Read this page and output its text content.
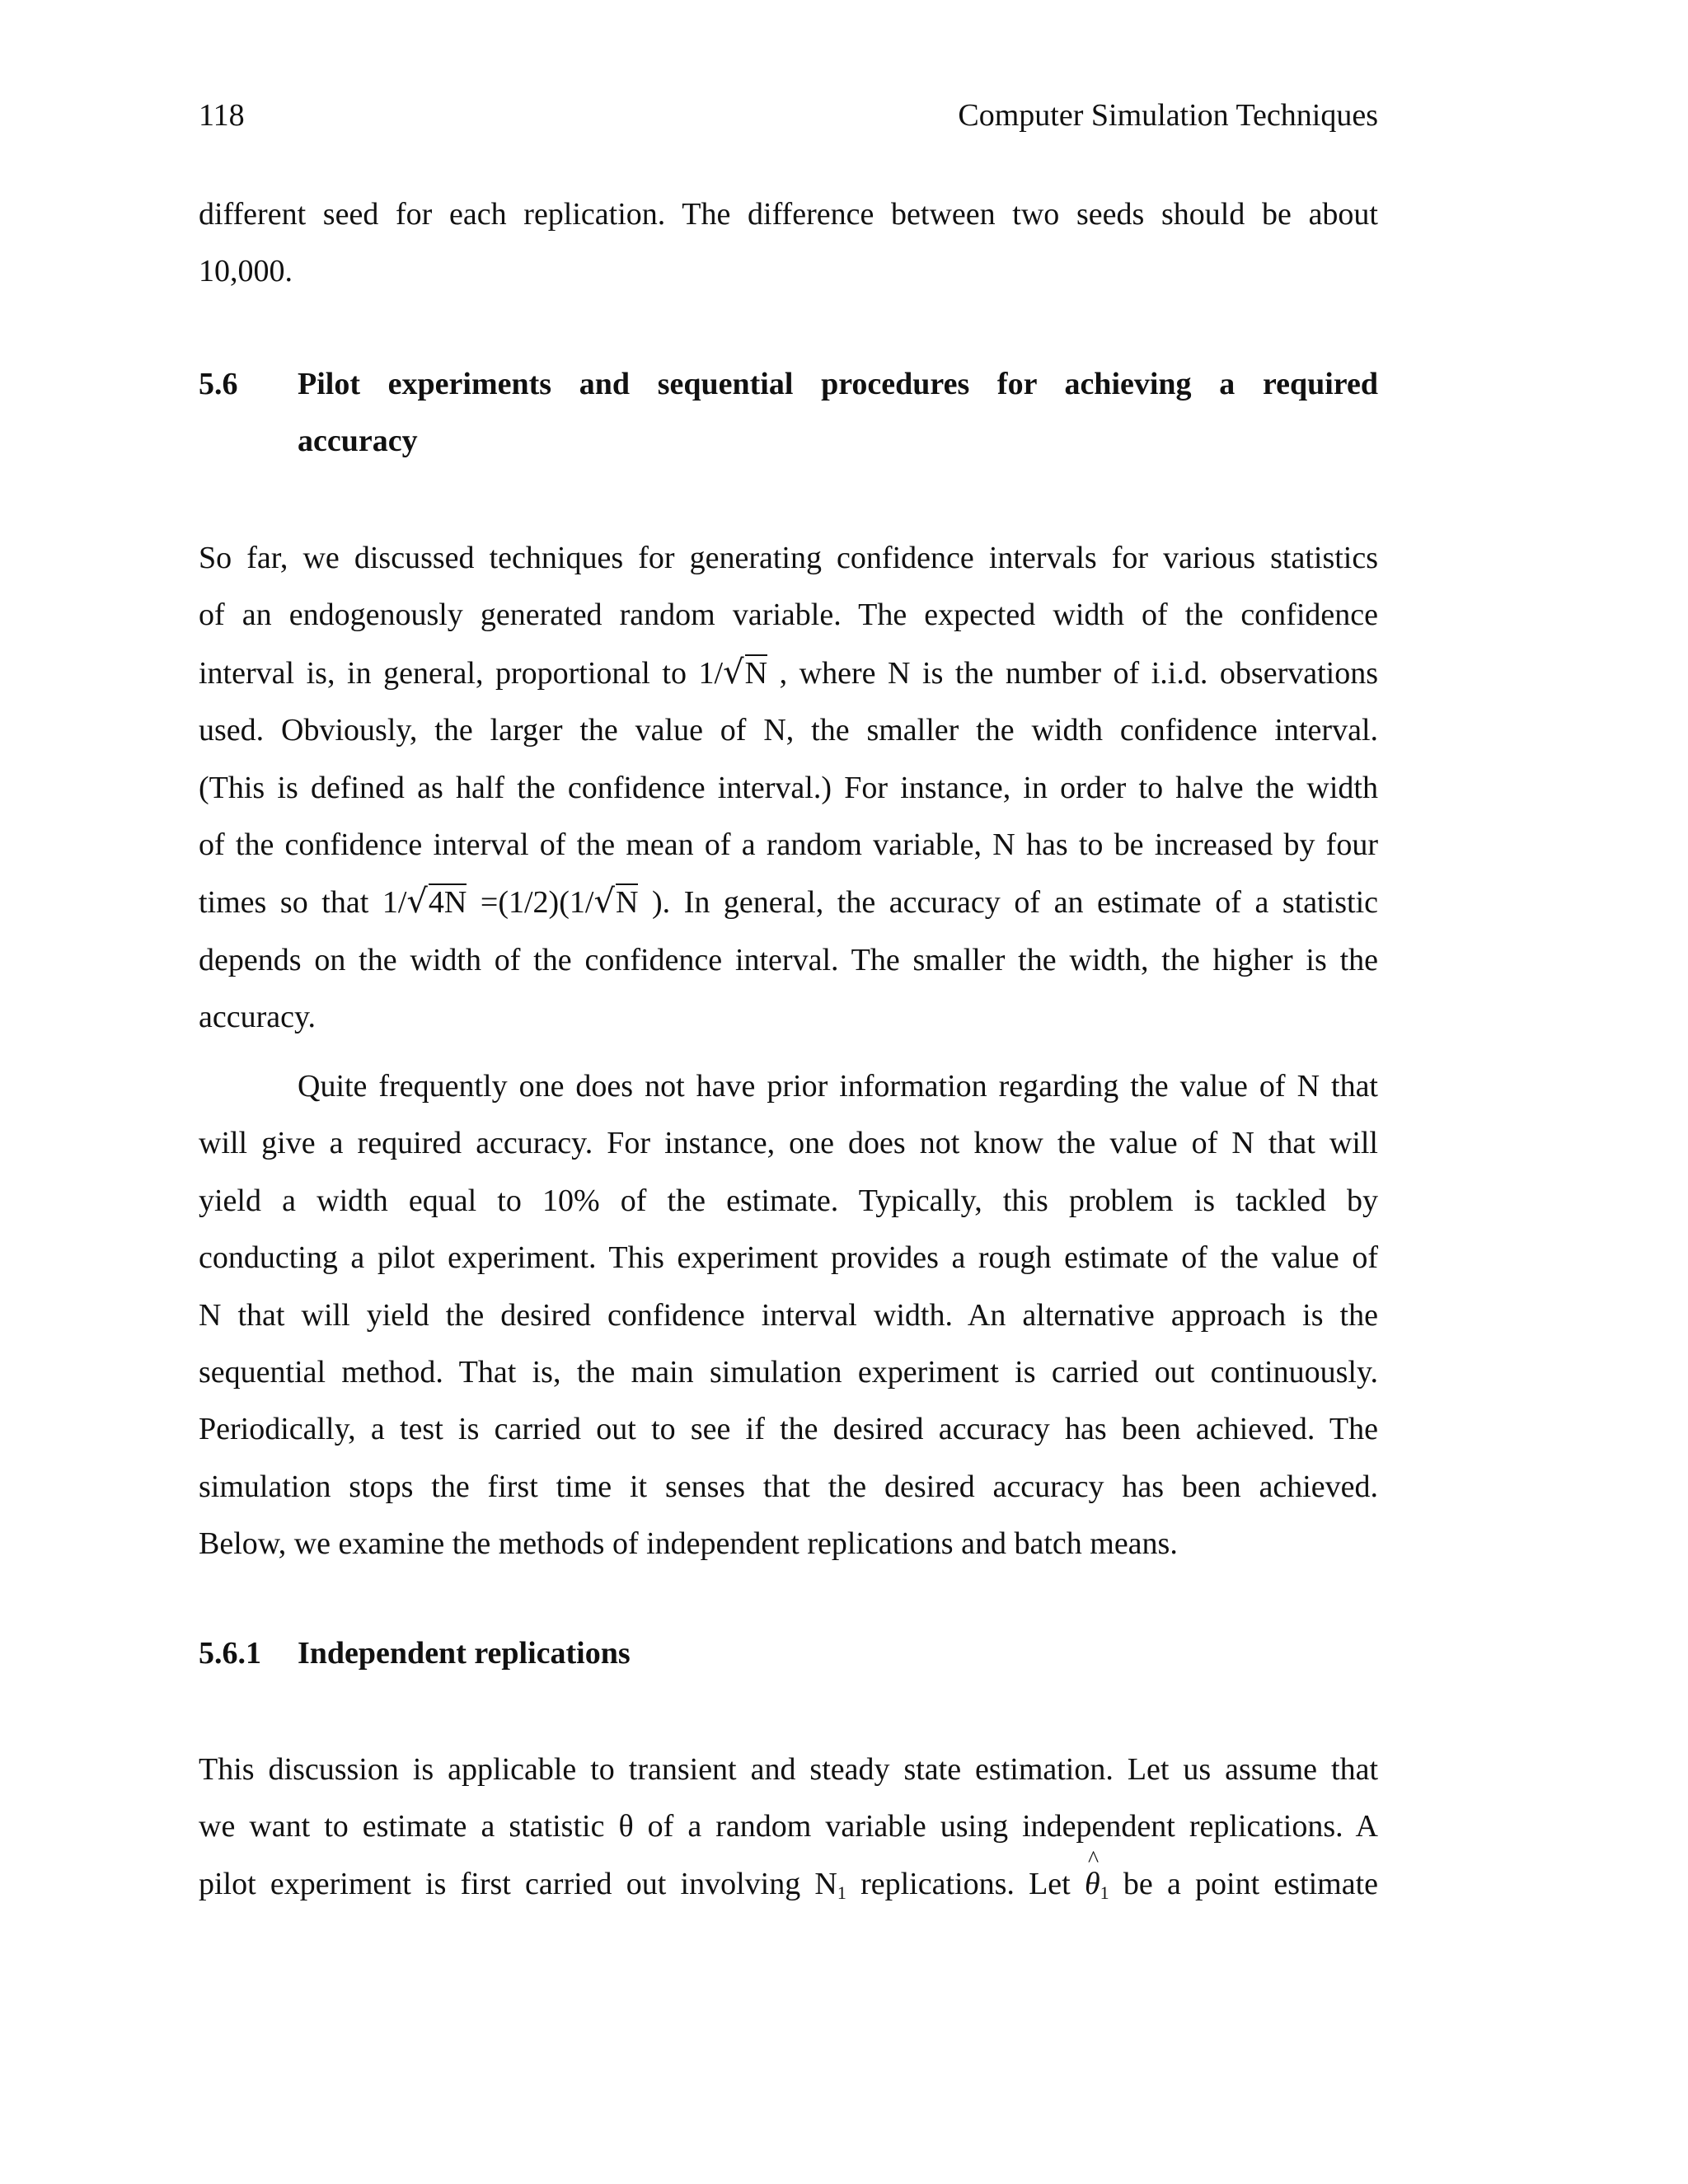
118	Computer Simulation Techniques
different seed for each replication. The difference between two seeds should be about
10,000.
5.6 Pilot experiments and sequential procedures for achieving a required
accuracy
So far, we discussed techniques for generating confidence intervals for various statistics
of an endogenously generated random variable. The expected width of the confidence
interval is, in general, proportional to 1/√N , where N is the number of i.i.d. observations
used. Obviously, the larger the value of N, the smaller the width confidence interval.
(This is defined as half the confidence interval.) For instance, in order to halve the width
of the confidence interval of the mean of a random variable, N has to be increased by four
times so that 1/√4N =(1/2)(1/√N ). In general, the accuracy of an estimate of a statistic
depends on the width of the confidence interval. The smaller the width, the higher is the
accuracy.
Quite frequently one does not have prior information regarding the value of N that
will give a required accuracy. For instance, one does not know the value of N that will
yield a width equal to 10% of the estimate. Typically, this problem is tackled by
conducting a pilot experiment. This experiment provides a rough estimate of the value of
N that will yield the desired confidence interval width. An alternative approach is the
sequential method. That is, the main simulation experiment is carried out continuously.
Periodically, a test is carried out to see if the desired accuracy has been achieved. The
simulation stops the first time it senses that the desired accuracy has been achieved.
Below, we examine the methods of independent replications and batch means.
5.6.1 Independent replications
This discussion is applicable to transient and steady state estimation. Let us assume that
we want to estimate a statistic θ of a random variable using independent replications. A
pilot experiment is first carried out involving $N_1$ replications. Let
^
$\theta_1$ be a point estimate
